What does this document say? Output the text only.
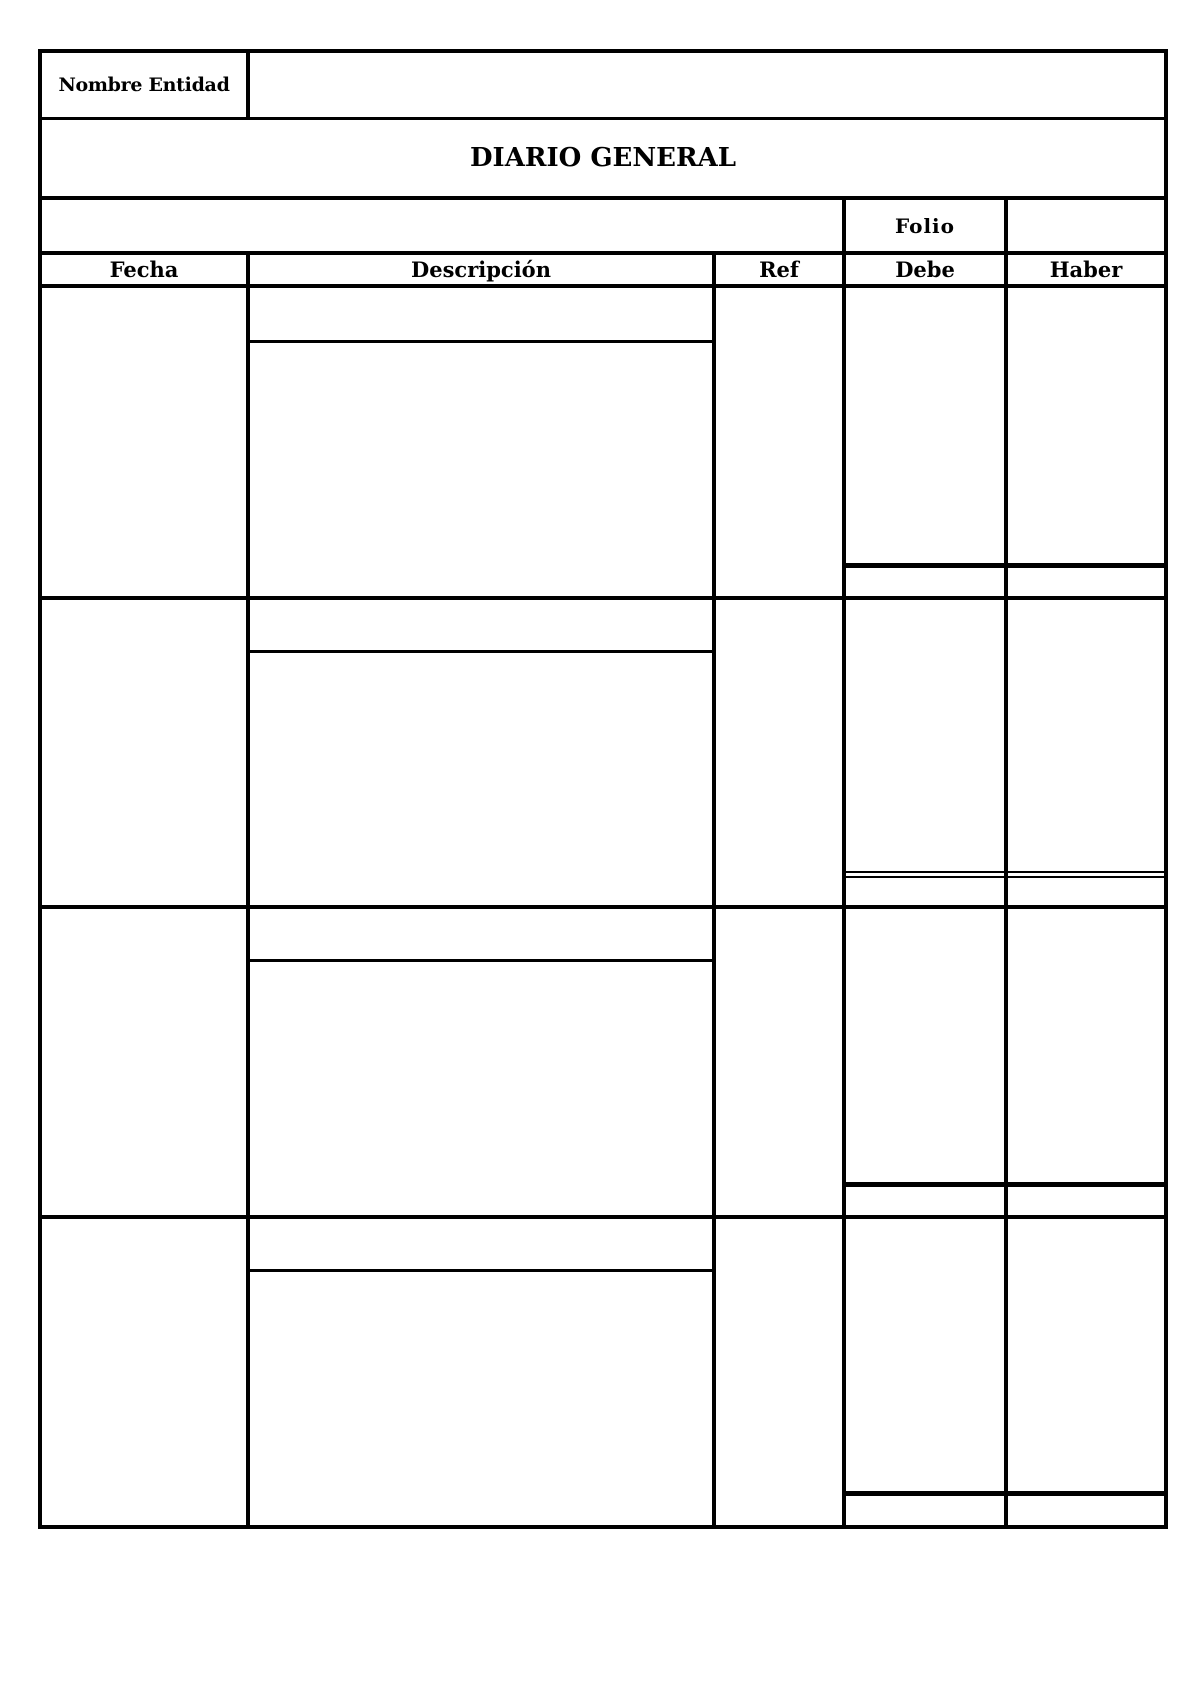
Nombre Entidad
DIARIO GENERAL
Folio
Fecha	Descripción	Ref	Debe	Haber
